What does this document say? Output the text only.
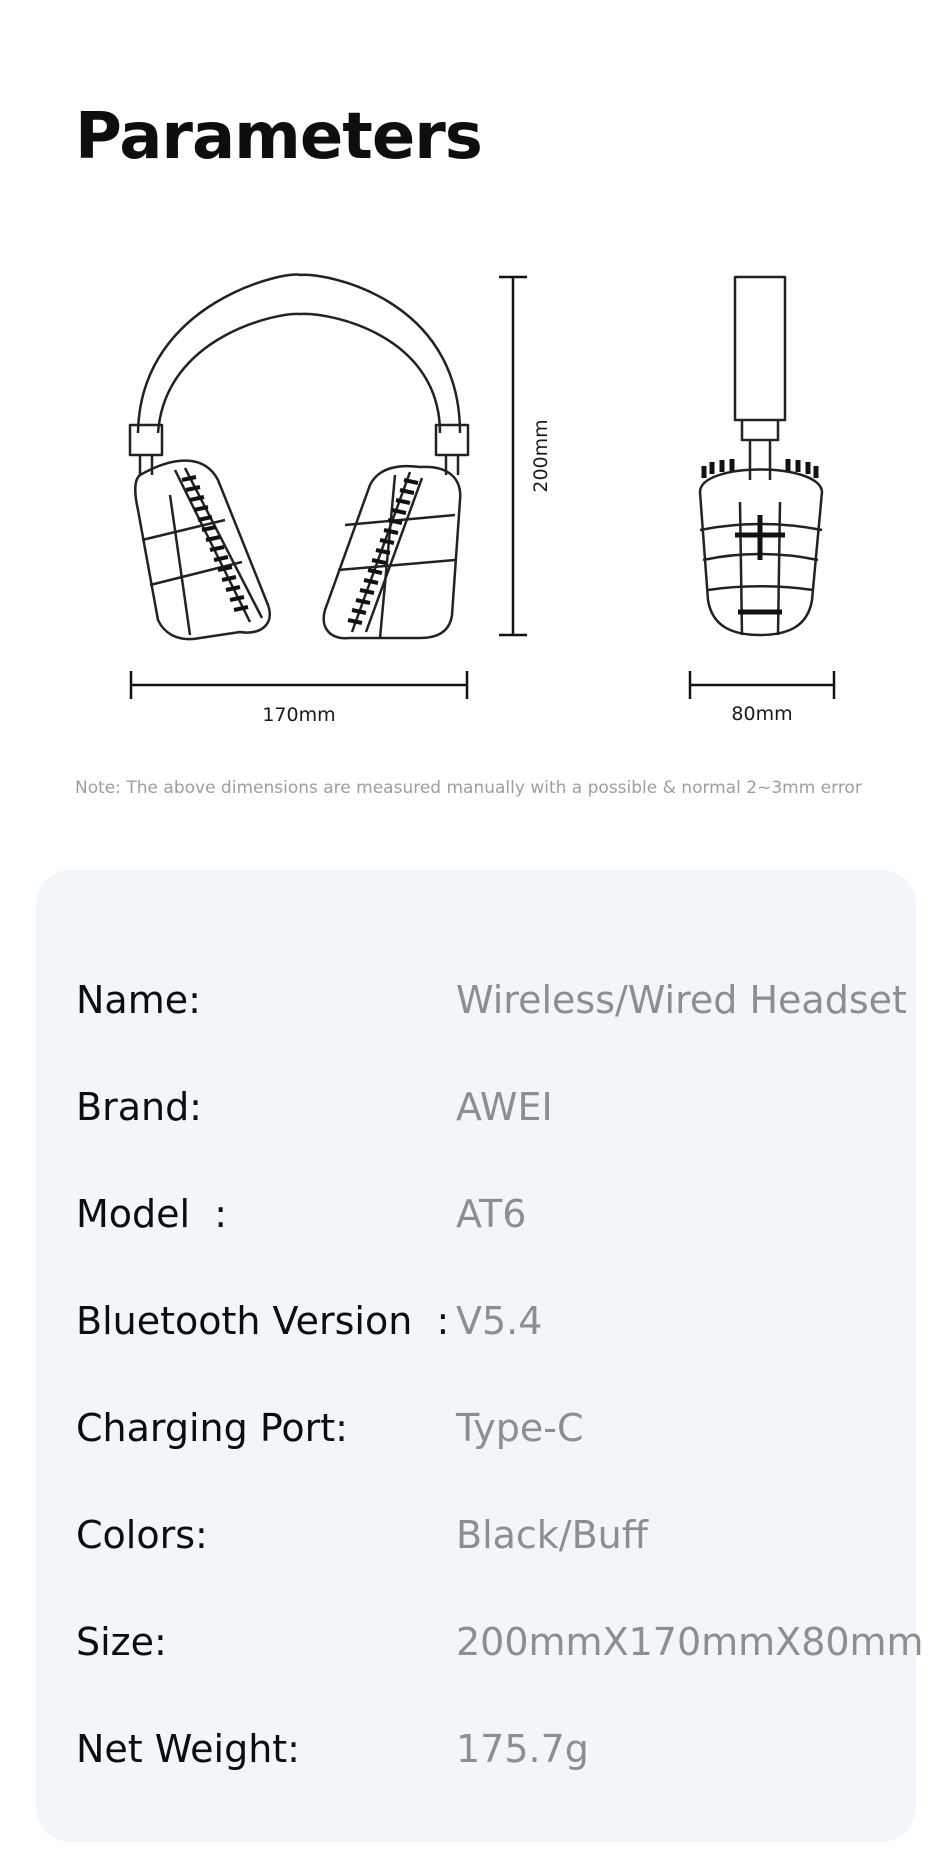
Parameters
200mm
170mm	80mm
Note: The above dimensions are measured manually with a possible & normal 2~3mm error
Name:	Wireless/Wired Headset
Brand:	AWEI
Model  :	AT6
Bluetooth Version  : V5.4
Charging Port:	Type-C
Colors:	Black/Buff
Size:	200mmX170mmX80mm
Net Weight:	175.7g
